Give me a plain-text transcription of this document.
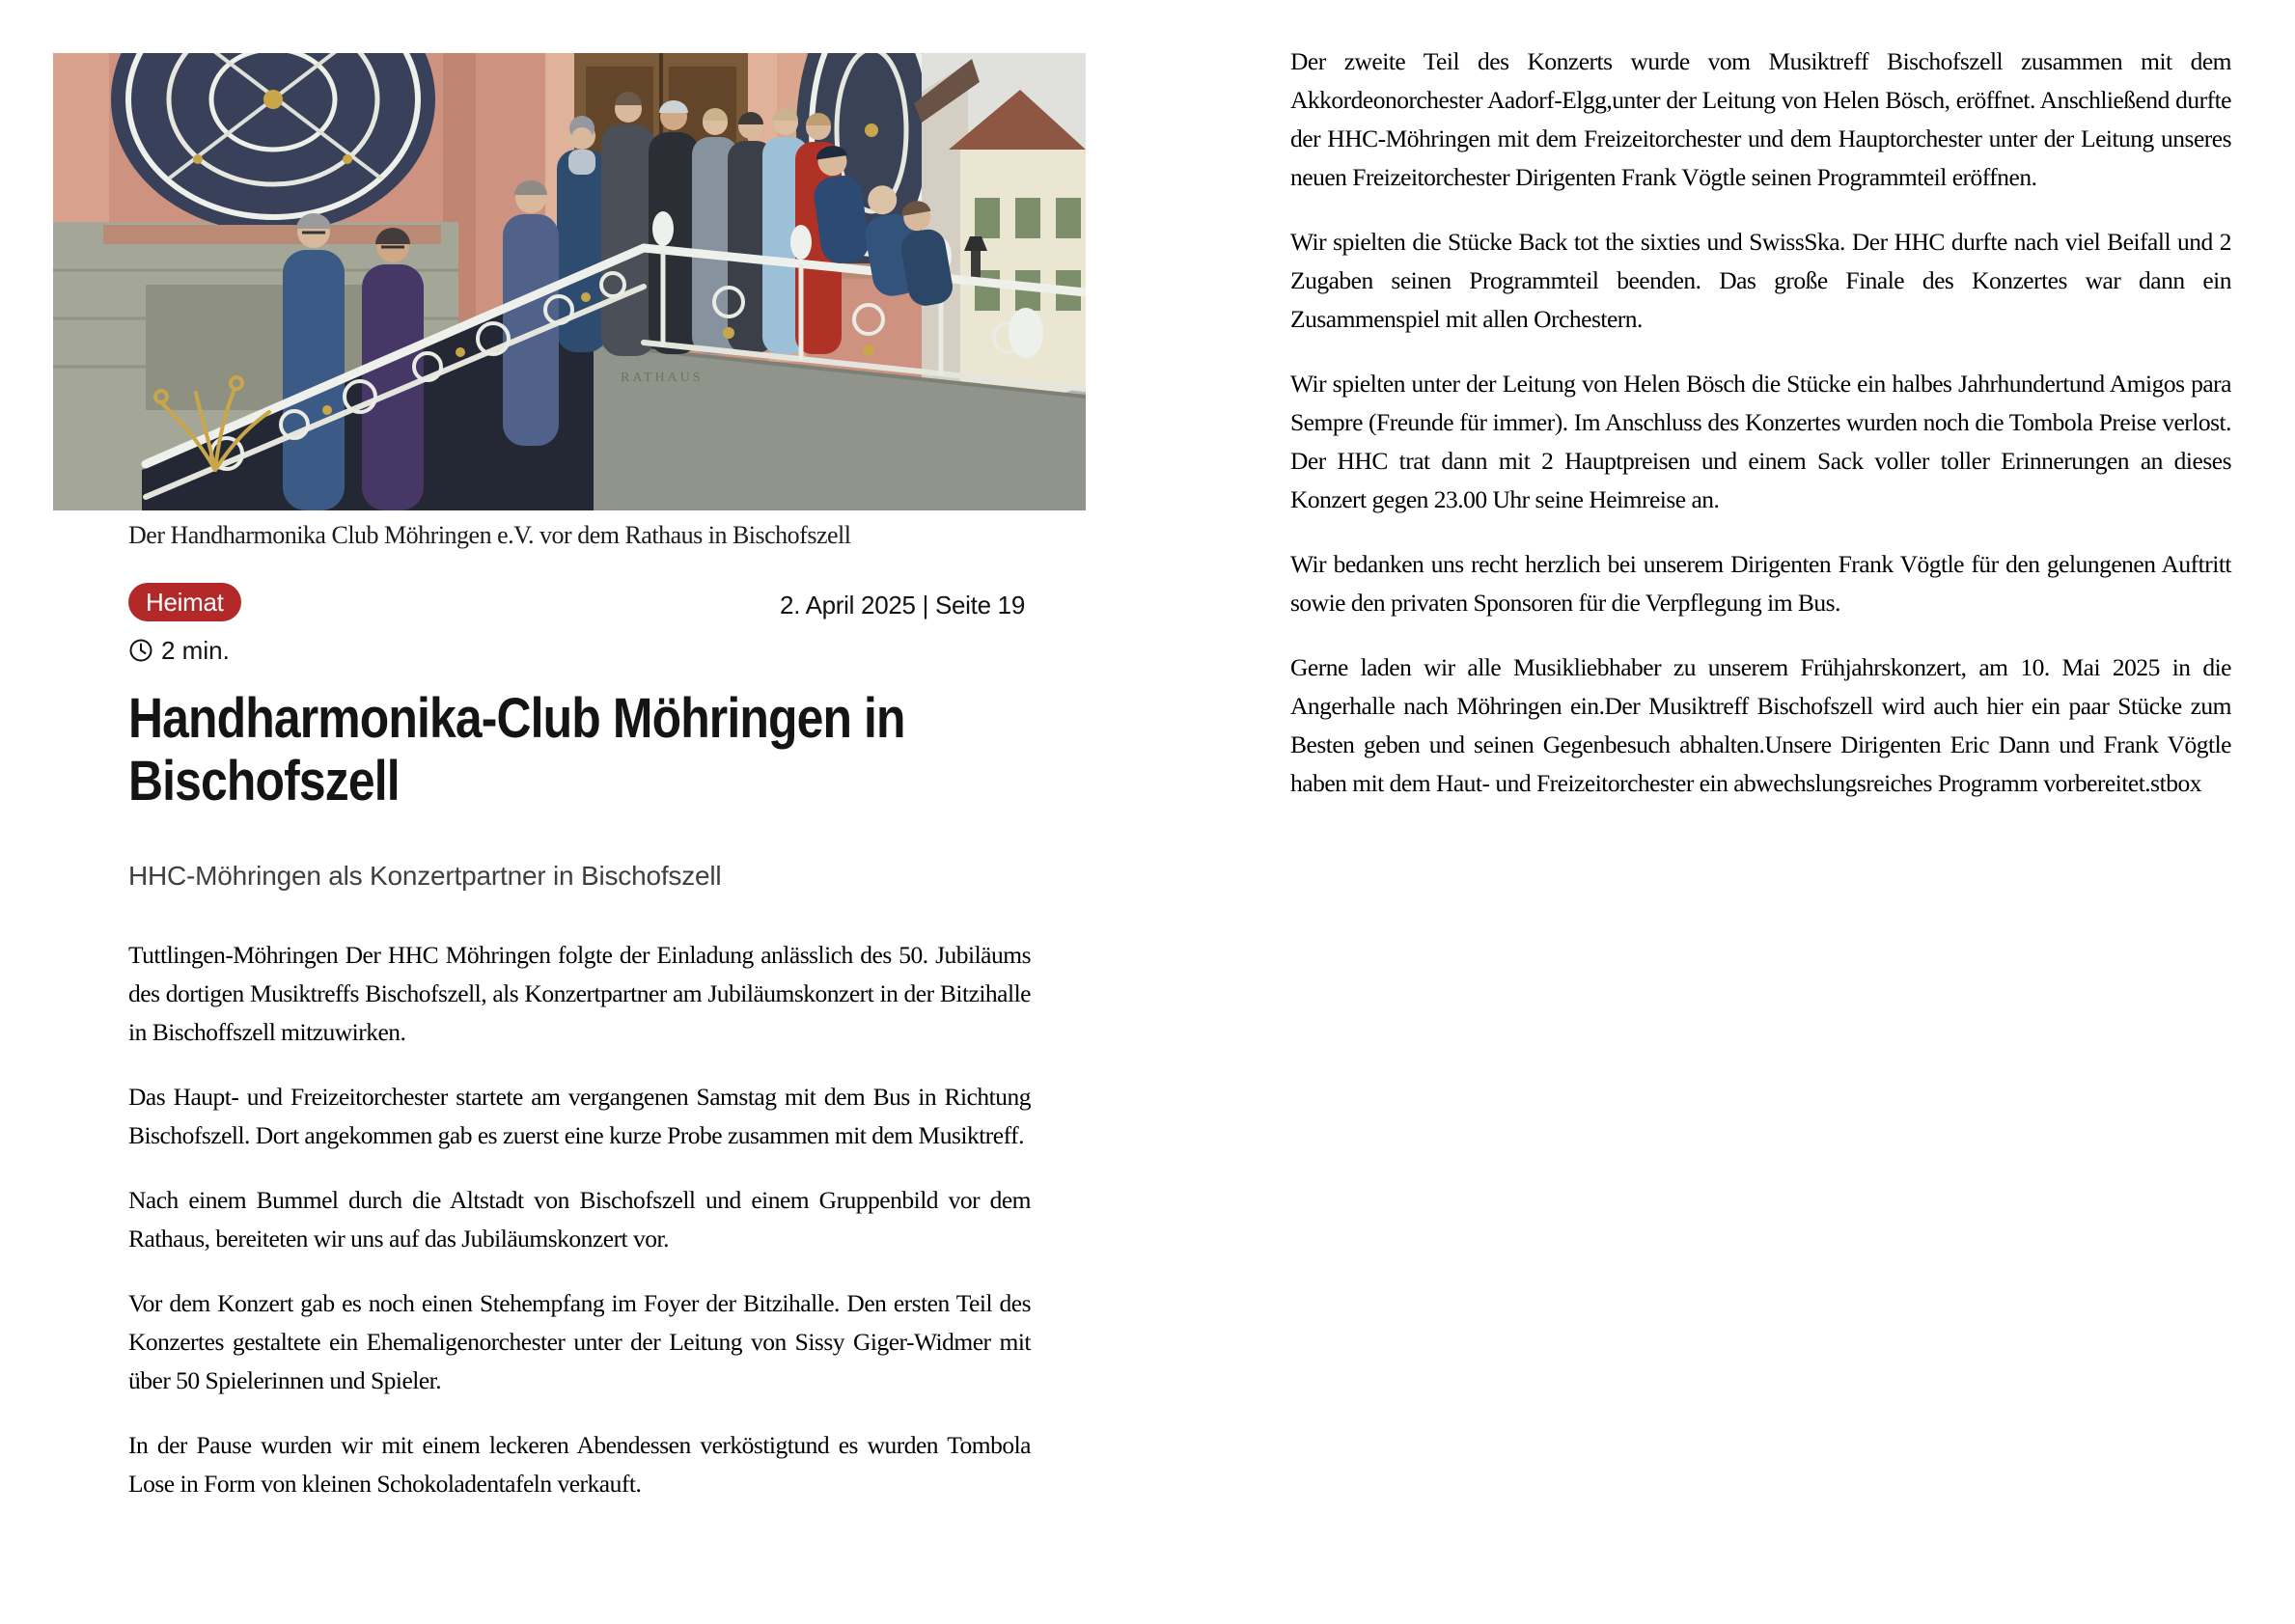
RATHAUS
Der Handharmonika Club Möhringen e.V. vor dem Rathaus in Bischofszell
Heimat	2. April 2025 | Seite 19
2 min.
Handharmonika-Club Möhringen in Bischofszell
HHC-Möhringen als Konzertpartner in Bischofszell

Tuttlingen-Möhringen Der HHC Möhringen folgte der Einladung anlässlich des 50. Jubiläums des dortigen Musiktreffs Bischofszell, als Konzertpartner am Jubiläumskonzert in der Bitzihalle in Bischoffszell mitzuwirken.

Das Haupt- und Freizeitorchester startete am vergangenen Samstag mit dem Bus in Richtung Bischofszell. Dort angekommen gab es zuerst eine kurze Probe zusammen mit dem Musiktreff.

Nach einem Bummel durch die Altstadt von Bischofszell und einem Gruppenbild vor dem Rathaus, bereiteten wir uns auf das Jubiläumskonzert vor.

Vor dem Konzert gab es noch einen Stehempfang im Foyer der Bitzihalle. Den ersten Teil des Konzertes gestaltete ein Ehemaligenorchester unter der Leitung von Sissy Giger-Widmer mit über 50 Spielerinnen und Spieler.

In der Pause wurden wir mit einem leckeren Abendessen verköstigtund es wurden Tombola Lose in Form von kleinen Schokoladentafeln verkauft.

Der zweite Teil des Konzerts wurde vom Musiktreff Bischofszell zusammen mit dem Akkordeonorchester Aadorf-Elgg,unter der Leitung von Helen Bösch, eröffnet. Anschließend durfte der HHC-Möhringen mit dem Freizeitorchester und dem Hauptorchester unter der Leitung unseres neuen Freizeitorchester Dirigenten Frank Vögtle seinen Programmteil eröffnen.

Wir spielten die Stücke Back tot the sixties und SwissSka. Der HHC durfte nach viel Beifall und 2 Zugaben seinen Programmteil beenden. Das große Finale des Konzertes war dann ein Zusammenspiel mit allen Orchestern.

Wir spielten unter der Leitung von Helen Bösch die Stücke ein halbes Jahrhundertund Amigos para Sempre (Freunde für immer). Im Anschluss des Konzertes wurden noch die Tombola Preise verlost. Der HHC trat dann mit 2 Hauptpreisen und einem Sack voller toller Erinnerungen an dieses Konzert gegen 23.00 Uhr seine Heimreise an.

Wir bedanken uns recht herzlich bei unserem Dirigenten Frank Vögtle für den gelungenen Auftritt sowie den privaten Sponsoren für die Verpflegung im Bus.

Gerne laden wir alle Musikliebhaber zu unserem Frühjahrskonzert, am 10. Mai 2025 in die Angerhalle nach Möhringen ein.Der Musiktreff Bischofszell wird auch hier ein paar Stücke zum Besten geben und seinen Gegenbesuch abhalten.Unsere Dirigenten Eric Dann und Frank Vögtle haben mit dem Haut- und Freizeitorchester ein abwechslungsreiches Programm vorbereitet.stbox
